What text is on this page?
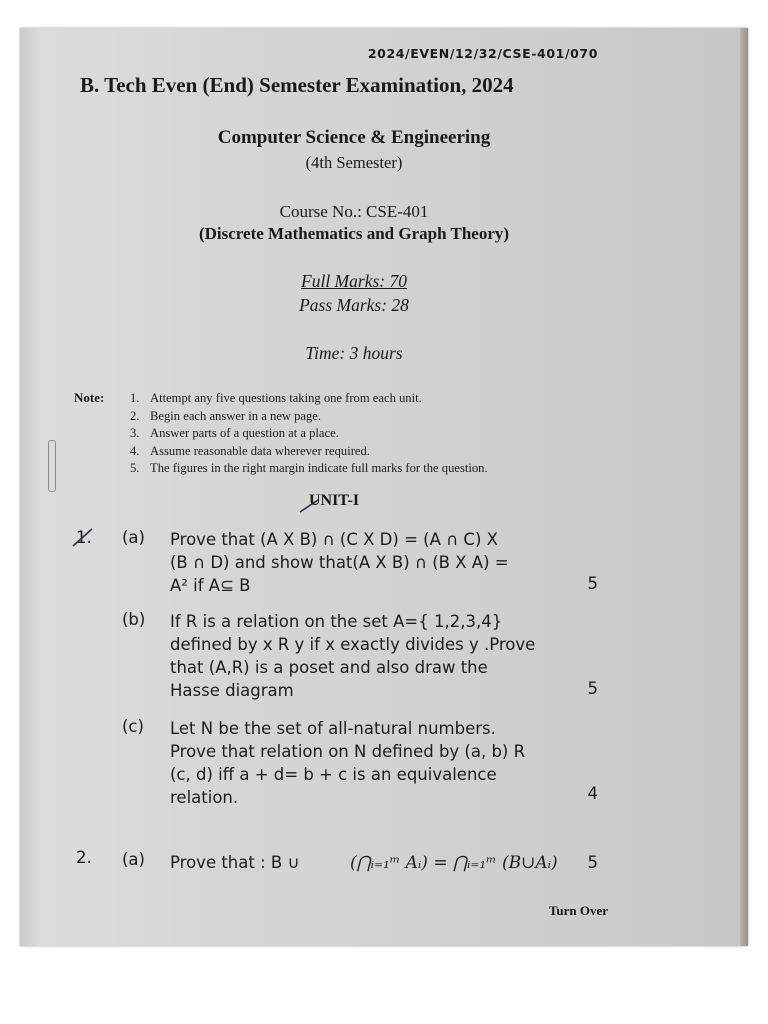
2024/EVEN/12/32/CSE-401/070
B. Tech Even (End) Semester Examination, 2024
Computer Science & Engineering
(4th Semester)
Course No.: CSE-401
(Discrete Mathematics and Graph Theory)
Full Marks: 70
Pass Marks: 28
Time: 3 hours
Note: 1. Attempt any five questions taking one from each unit.
2. Begin each answer in a new page.
3. Answer parts of a question at a place.
4. Assume reasonable data wherever required.
5. The figures in the right margin indicate full marks for the question.
UNIT-I
1. (a) Prove that (A X B) ∩ (C X D) = (A ∩ C) X
(B ∩ D) and show that(A X B) ∩ (B X A) =
A² if A⊆ B	5
(b) If R is a relation on the set A={ 1,2,3,4}
defined by x R y if x exactly divides y .Prove
that (A,R) is a poset and also draw the
Hasse diagram	5
(c) Let N be the set of all-natural numbers.
Prove that relation on N defined by (a, b) R
(c, d) iff a + d= b + c is an equivalence
relation.	4
2. (a) Prove that : B ∪	(⋂ᵢ₌₁ᵐ Aᵢ) = ⋂ᵢ₌₁ᵐ (B∪Aᵢ) 5
Turn Over
